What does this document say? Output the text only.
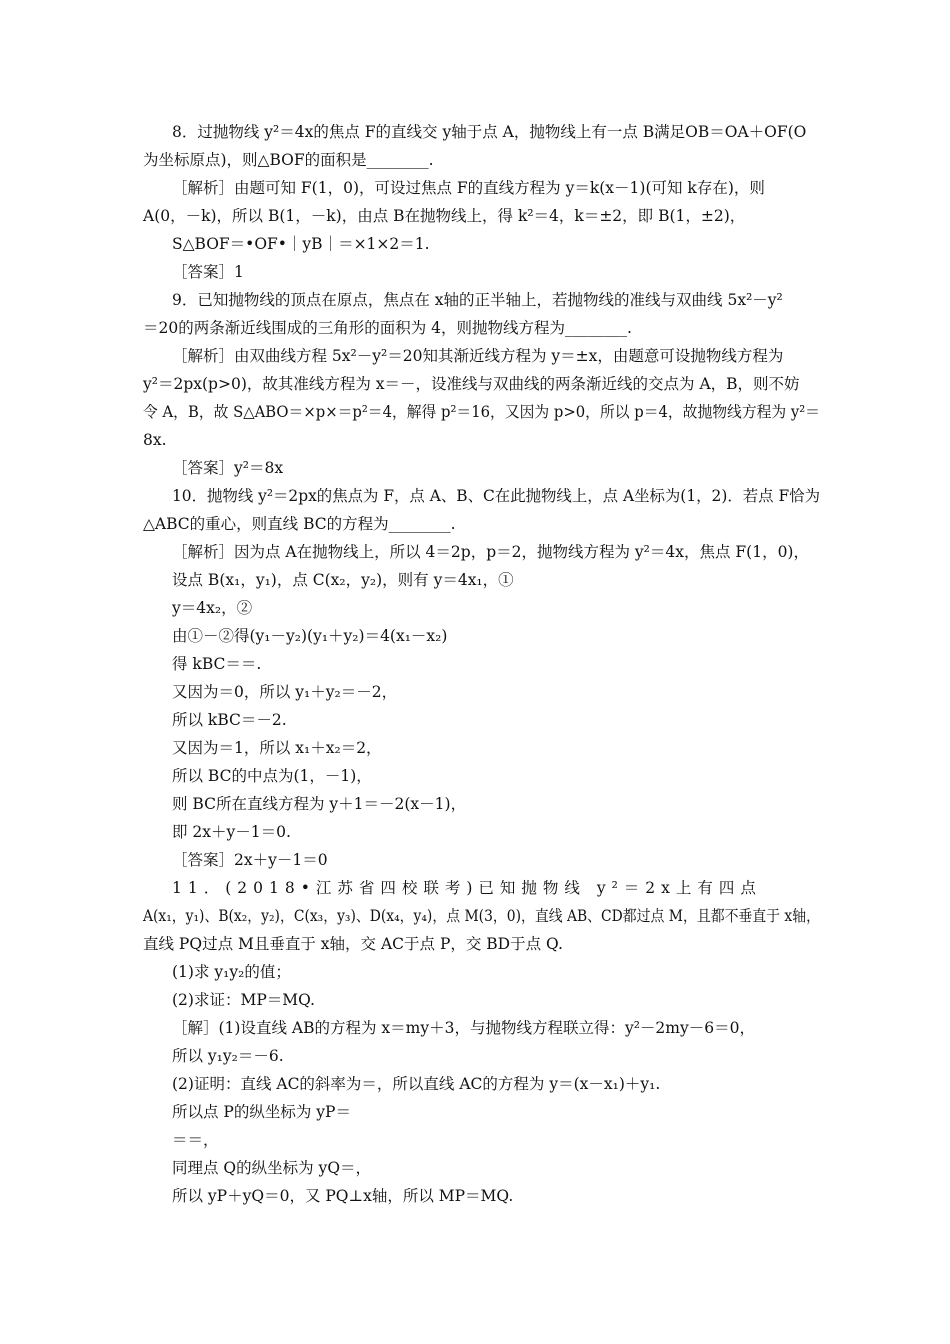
8．过抛物线 y²＝4x的焦点 F的直线交 y轴于点 A，抛物线上有一点 B满足OB＝OA＋OF(O
为坐标原点)，则△BOF的面积是________.
［解析］由题可知 F(1，0)，可设过焦点 F的直线方程为 y＝k(x－1)(可知 k存在)，则
A(0，－k)，所以 B(1，－k)，由点 B在抛物线上，得 k²＝4，k＝±2，即 B(1，±2)，
S△BOF＝•OF•｜yB｜＝×1×2＝1.
［答案］1
9．已知抛物线的顶点在原点，焦点在 x轴的正半轴上，若抛物线的准线与双曲线 5x²－y²
＝20的两条渐近线围成的三角形的面积为 4，则抛物线方程为________.
［解析］由双曲线方程 5x²－y²＝20知其渐近线方程为 y＝±x，由题意可设抛物线方程为
y²＝2px(p>0)，故其准线方程为 x＝－，设准线与双曲线的两条渐近线的交点为 A，B，则不妨
令 A，B，故 S△ABO＝×p×＝p²＝4，解得 p²＝16，又因为 p>0，所以 p＝4，故抛物线方程为 y²＝
8x.
［答案］y²＝8x
10．抛物线 y²＝2px的焦点为 F，点 A、B、C在此抛物线上，点 A坐标为(1，2)．若点 F恰为
△ABC的重心，则直线 BC的方程为________.
［解析］因为点 A在抛物线上，所以 4＝2p，p＝2，抛物线方程为 y²＝4x，焦点 F(1，0)，
设点 B(x₁，y₁)，点 C(x₂，y₂)，则有 y＝4x₁，①
y＝4x₂，②
由①－②得(y₁－y₂)(y₁＋y₂)＝4(x₁－x₂)
得 kBC＝＝.
又因为＝0，所以 y₁＋y₂＝－2，
所以 kBC＝－2.
又因为＝1，所以 x₁＋x₂＝2，
所以 BC的中点为(1，－1)，
则 BC所在直线方程为 y＋1＝－2(x－1)，
即 2x＋y－1＝0.
［答案］2x＋y－1＝0
11．(2018•江苏省四校联考)已知抛物线 y²＝2x上有四点
A(x₁，y₁)、B(x₂，y₂)，C(x₃，y₃)、D(x₄，y₄)，点 M(3，0)，直线 AB、CD都过点 M，且都不垂直于 x轴，
直线 PQ过点 M且垂直于 x轴，交 AC于点 P，交 BD于点 Q.
(1)求 y₁y₂的值；
(2)求证：MP＝MQ.
［解］(1)设直线 AB的方程为 x＝my＋3，与抛物线方程联立得：y²－2my－6＝0，
所以 y₁y₂＝－6.
(2)证明：直线 AC的斜率为＝，所以直线 AC的方程为 y＝(x－x₁)＋y₁.
所以点 P的纵坐标为 yP＝
＝＝，
同理点 Q的纵坐标为 yQ＝，
所以 yP＋yQ＝0，又 PQ⊥x轴，所以 MP＝MQ.
